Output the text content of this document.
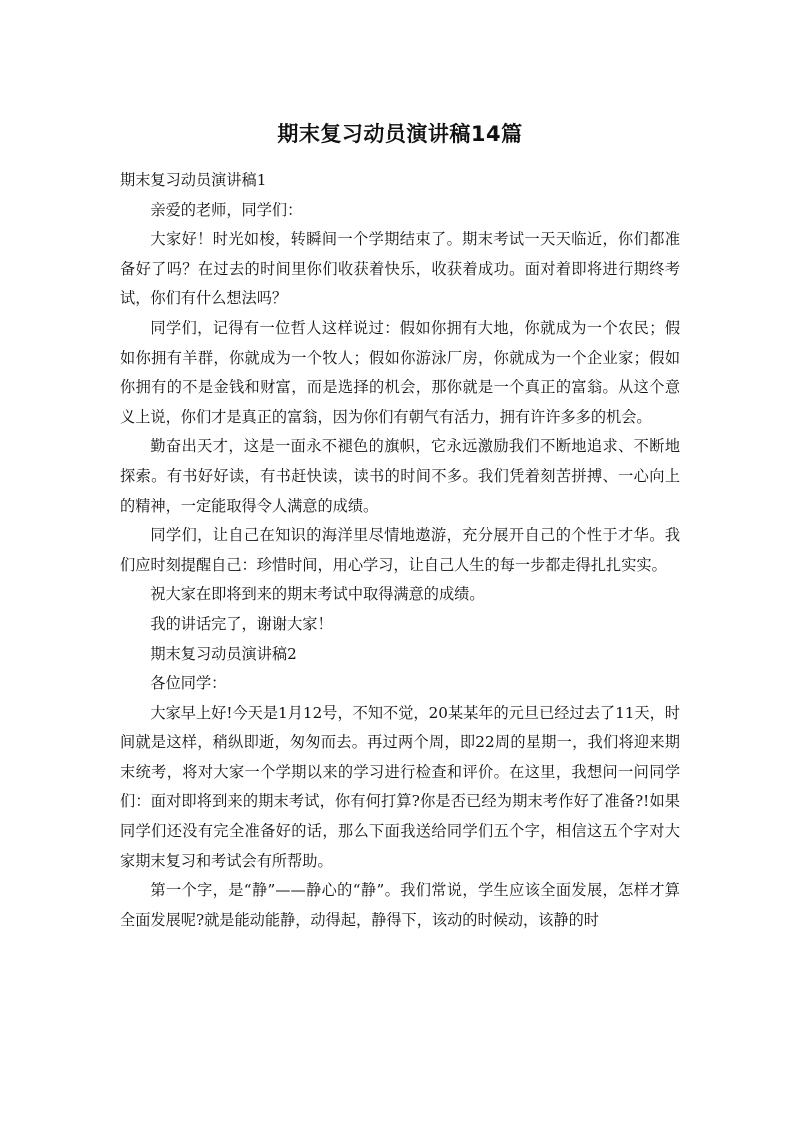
期末复习动员演讲稿14篇

期末复习动员演讲稿1

亲爱的老师，同学们：

大家好！时光如梭，转瞬间一个学期结束了。期末考试一天天临近，你们都准备好了吗？在过去的时间里你们收获着快乐，收获着成功。面对着即将进行期终考试，你们有什么想法吗？

同学们，记得有一位哲人这样说过：假如你拥有大地，你就成为一个农民；假如你拥有羊群，你就成为一个牧人；假如你游泳厂房，你就成为一个企业家；假如你拥有的不是金钱和财富，而是选择的机会，那你就是一个真正的富翁。从这个意义上说，你们才是真正的富翁，因为你们有朝气有活力，拥有许许多多的机会。

勤奋出天才，这是一面永不褪色的旗帜，它永远激励我们不断地追求、不断地探索。有书好好读，有书赶快读，读书的时间不多。我们凭着刻苦拼搏、一心向上的精神，一定能取得令人满意的成绩。

同学们，让自己在知识的海洋里尽情地遨游，充分展开自己的个性于才华。我们应时刻提醒自己：珍惜时间，用心学习，让自己人生的每一步都走得扎扎实实。

祝大家在即将到来的期末考试中取得满意的成绩。

我的讲话完了，谢谢大家！

期末复习动员演讲稿2

各位同学：

大家早上好!今天是1月12号，不知不觉，20某某年的元旦已经过去了11天，时间就是这样，稍纵即逝，匆匆而去。再过两个周，即22周的星期一，我们将迎来期末统考，将对大家一个学期以来的学习进行检查和评价。在这里，我想问一问同学们：面对即将到来的期末考试，你有何打算?你是否已经为期末考作好了准备?!如果同学们还没有完全准备好的话，那么下面我送给同学们五个字，相信这五个字对大家期末复习和考试会有所帮助。

第一个字，是“静”——静心的“静”。我们常说，学生应该全面发展，怎样才算全面发展呢?就是能动能静，动得起，静得下，该动的时候动，该静的时
